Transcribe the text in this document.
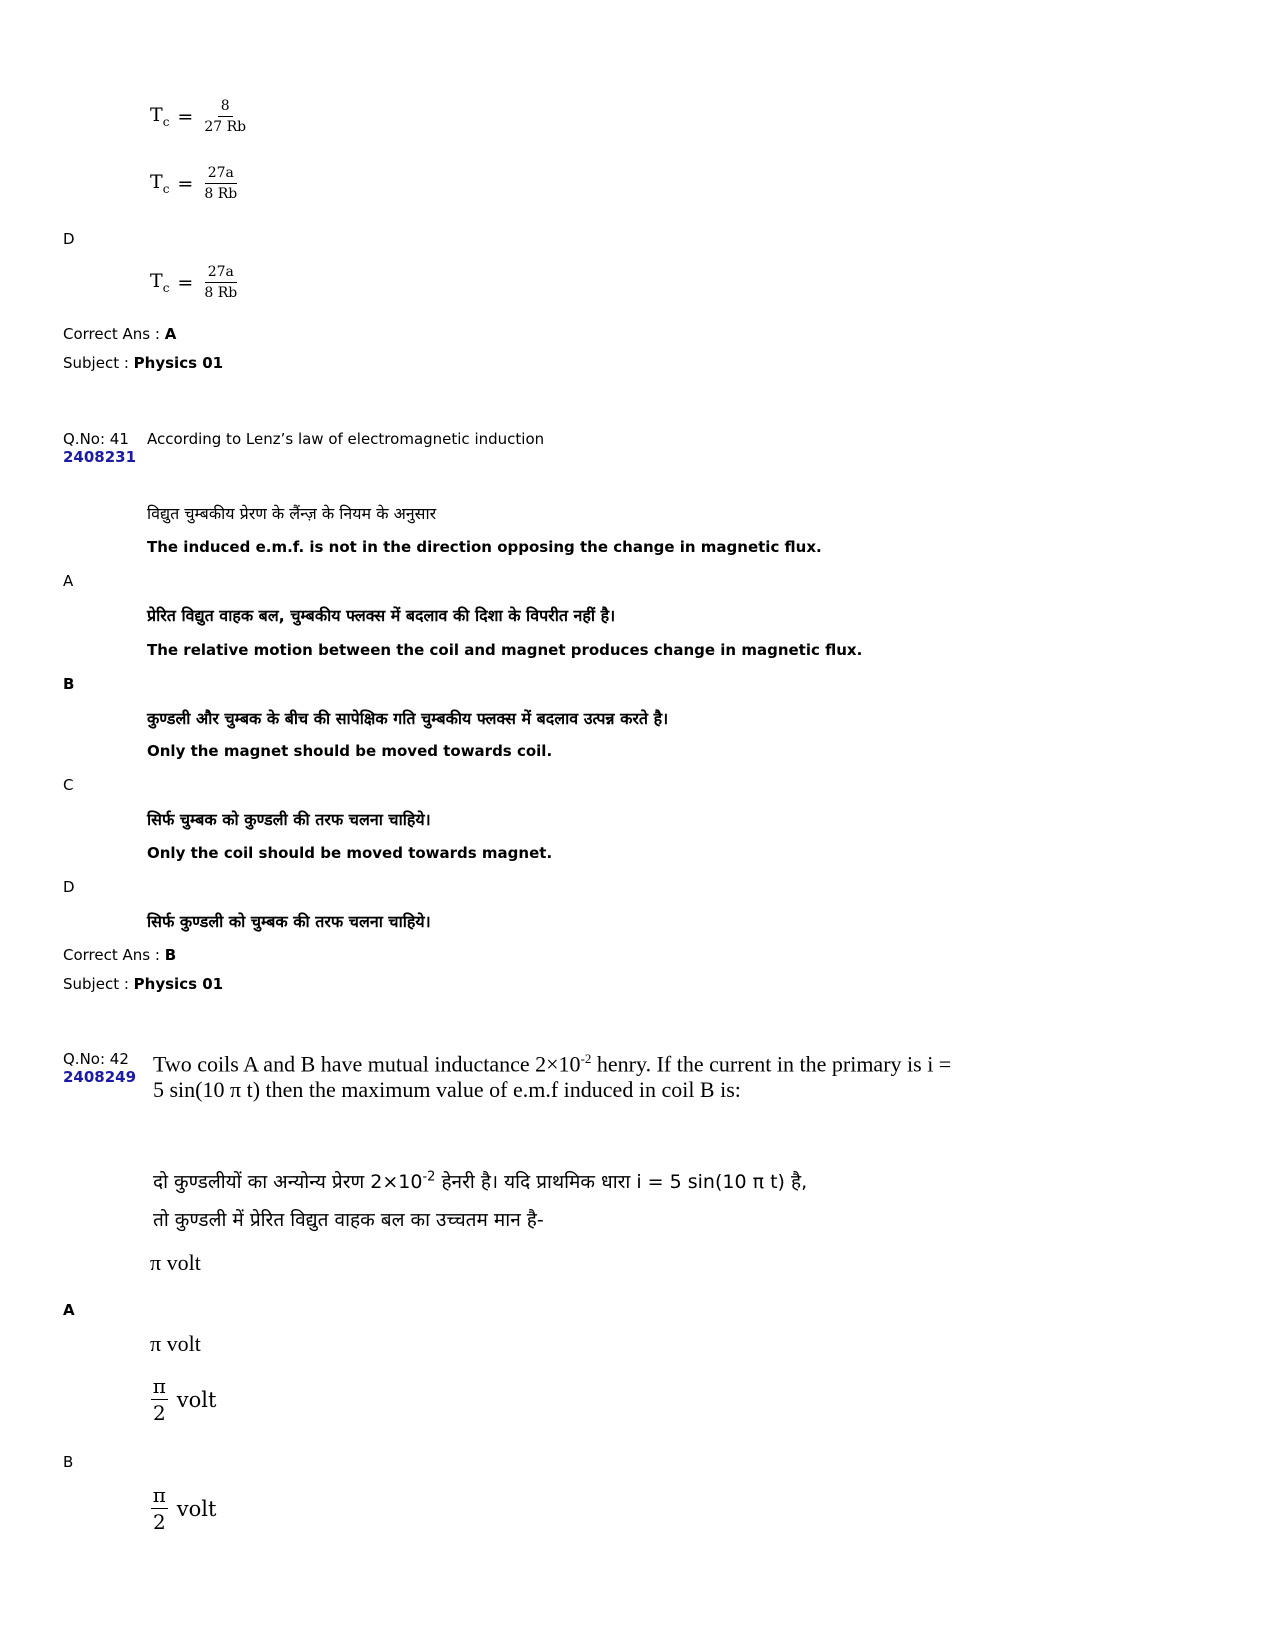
$T_c = \frac{8}{27 Rb}$
$T_c = \frac{27a}{8 Rb}$
D
$T_c = \frac{27a}{8 Rb}$
Correct Ans : A
Subject : Physics 01
Q.No: 41
2408231
According to Lenz’s law of electromagnetic induction
विद्युत चुम्बकीय प्रेरण के लैंन्ज़ के नियम के अनुसार
The induced e.m.f. is not in the direction opposing the change in magnetic flux.
A
प्रेरित विद्युत वाहक बल, चुम्बकीय फ्लक्स में बदलाव की दिशा के विपरीत नहीं है।
The relative motion between the coil and magnet produces change in magnetic flux.
B
कुण्डली और चुम्बक के बीच की सापेक्षिक गति चुम्बकीय फ्लक्स में बदलाव उत्पन्न करते है।
Only the magnet should be moved towards coil.
C
सिर्फ चुम्बक को कुण्डली की तरफ चलना चाहिये।
Only the coil should be moved towards magnet.
D
सिर्फ कुण्डली को चुम्बक की तरफ चलना चाहिये।
Correct Ans : B
Subject : Physics 01
Q.No: 42
2408249
Two coils A and B have mutual inductance $2\times 10^{-2}$ henry. If the current in the primary is i = 5 sin(10 π t) then the maximum value of e.m.f induced in coil B is:
दो कुण्डलीयों का अन्योन्य प्रेरण $2\times 10^{-2}$ हेनरी है। यदि प्राथमिक धारा i = 5 sin(10 π t) है,
तो कुण्डली में प्रेरित विद्युत वाहक बल का उच्चतम मान है-
π volt
A
π volt
$\frac{\pi}{2}$ volt
B
$\frac{\pi}{2}$ volt
